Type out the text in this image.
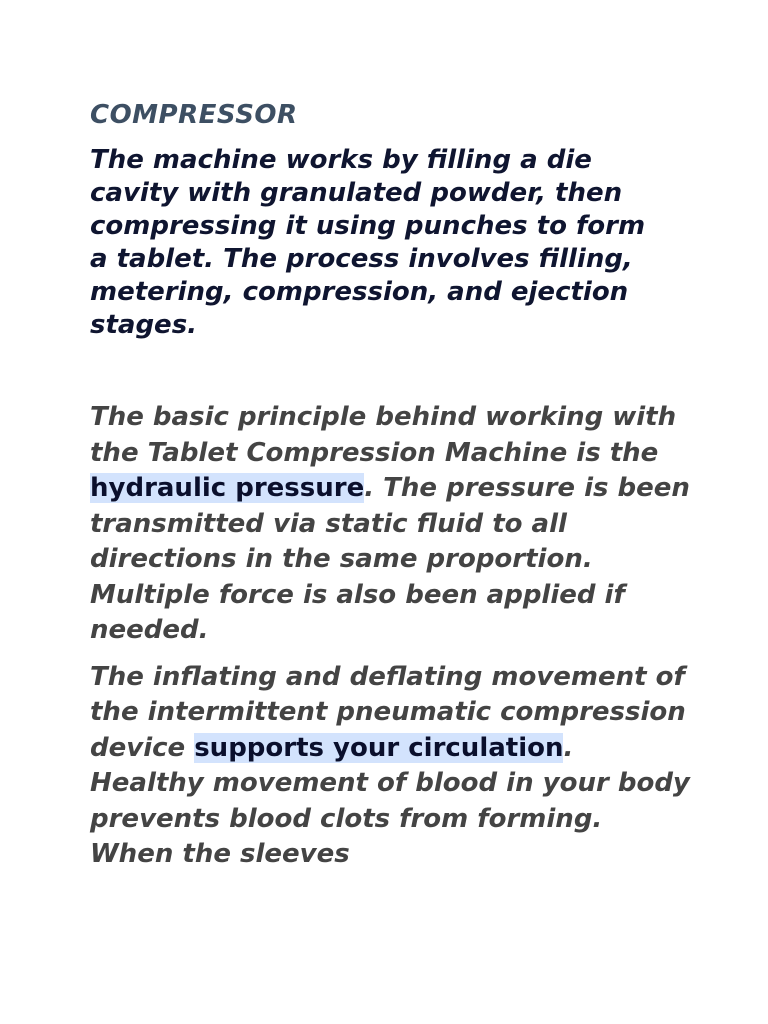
COMPRESSOR
The machine works by filling a die cavity with granulated powder, then compressing it using punches to form a tablet. The process involves filling, metering, compression, and ejection stages.
The basic principle behind working with the Tablet Compression Machine is the hydraulic pressure. The pressure is been transmitted via static fluid to all directions in the same proportion. Multiple force is also been applied if needed.
The inflating and deflating movement of the intermittent pneumatic compression device supports your circulation. Healthy movement of blood in your body prevents blood clots from forming. When the sleeves
